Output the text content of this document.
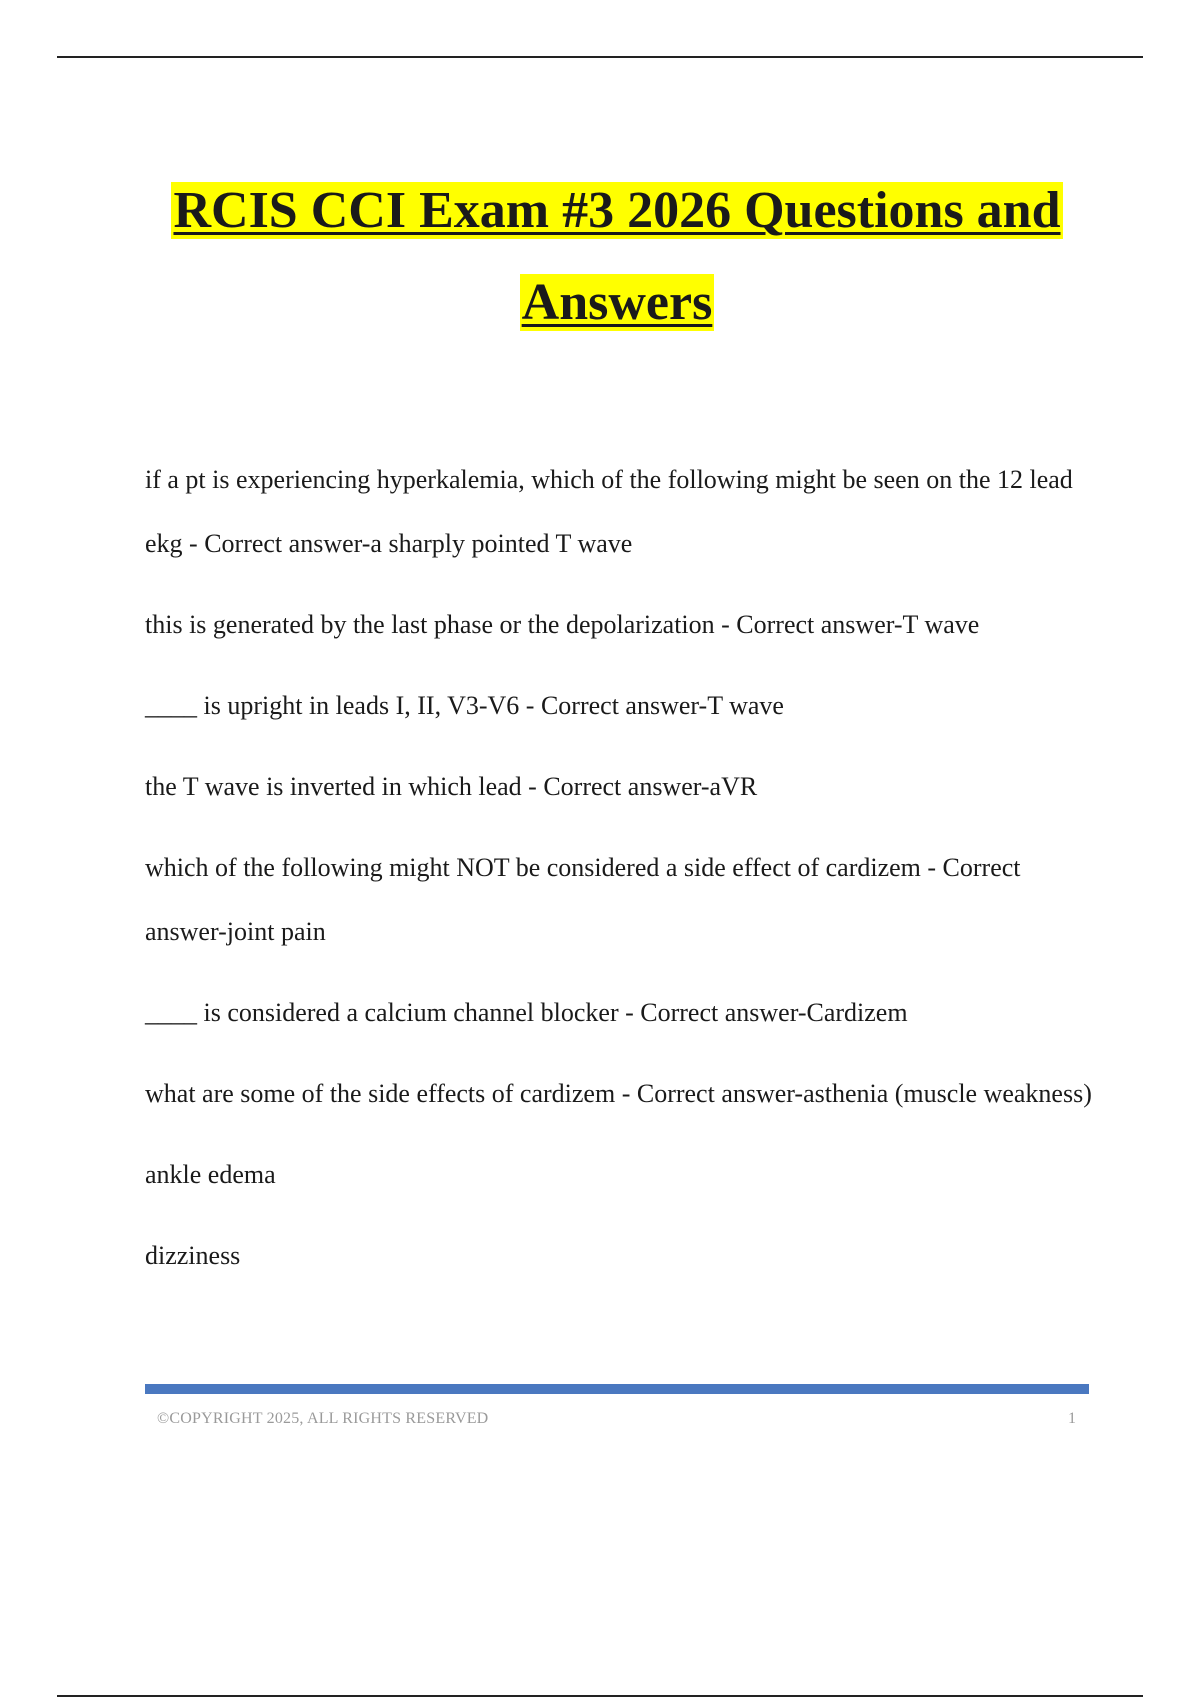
RCIS CCI Exam #3 2026 Questions and
Answers

if a pt is experiencing hyperkalemia, which of the following might be seen on the 12 lead ekg - Correct answer-a sharply pointed T wave

this is generated by the last phase or the depolarization - Correct answer-T wave

____ is upright in leads I, II, V3-V6 - Correct answer-T wave

the T wave is inverted in which lead - Correct answer-aVR

which of the following might NOT be considered a side effect of cardizem - Correct answer-joint pain

____ is considered a calcium channel blocker - Correct answer-Cardizem

what are some of the side effects of cardizem - Correct answer-asthenia (muscle weakness)

ankle edema

dizziness

©COPYRIGHT 2025, ALL RIGHTS RESERVED	1
